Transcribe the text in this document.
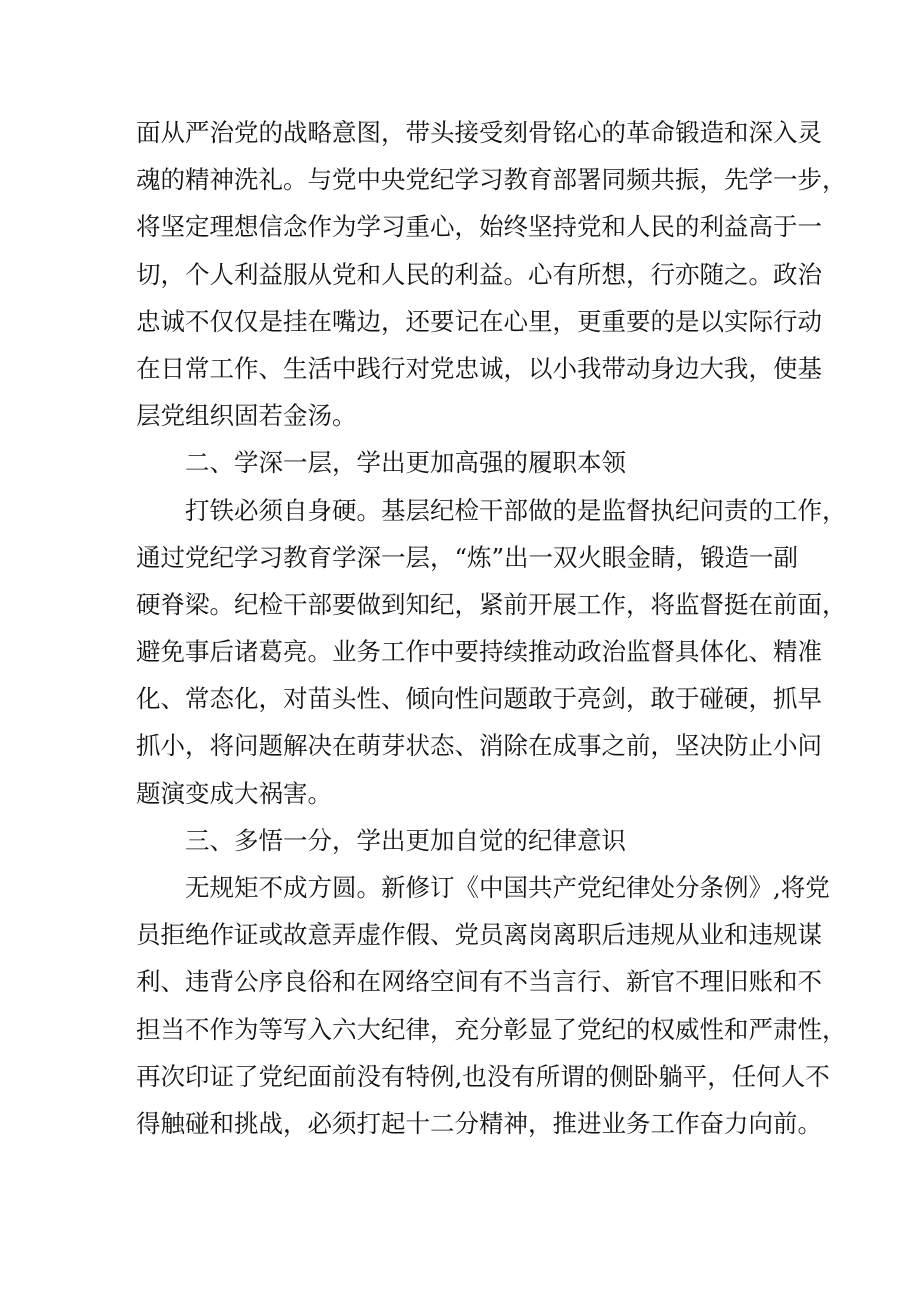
面从严治党的战略意图，带头接受刻骨铭心的革命锻造和深入灵
魂的精神洗礼。与党中央党纪学习教育部署同频共振，先学一步，
将坚定理想信念作为学习重心，始终坚持党和人民的利益高于一
切，个人利益服从党和人民的利益。心有所想，行亦随之。政治
忠诚不仅仅是挂在嘴边，还要记在心里，更重要的是以实际行动
在日常工作、生活中践行对党忠诚，以小我带动身边大我，使基
层党组织固若金汤。
二、学深一层，学出更加高强的履职本领
打铁必须自身硬。基层纪检干部做的是监督执纪问责的工作，
通过党纪学习教育学深一层，“炼”出一双火眼金睛，锻造一副
硬脊梁。纪检干部要做到知纪，紧前开展工作，将监督挺在前面，
避免事后诸葛亮。业务工作中要持续推动政治监督具体化、精准
化、常态化，对苗头性、倾向性问题敢于亮剑，敢于碰硬，抓早
抓小，将问题解决在萌芽状态、消除在成事之前，坚决防止小问
题演变成大祸害。
三、多悟一分，学出更加自觉的纪律意识
无规矩不成方圆。新修订《中国共产党纪律处分条例》,将党
员拒绝作证或故意弄虚作假、党员离岗离职后违规从业和违规谋
利、违背公序良俗和在网络空间有不当言行、新官不理旧账和不
担当不作为等写入六大纪律，充分彰显了党纪的权威性和严肃性，
再次印证了党纪面前没有特例,也没有所谓的侧卧躺平，任何人不
得触碰和挑战，必须打起十二分精神，推进业务工作奋力向前。
